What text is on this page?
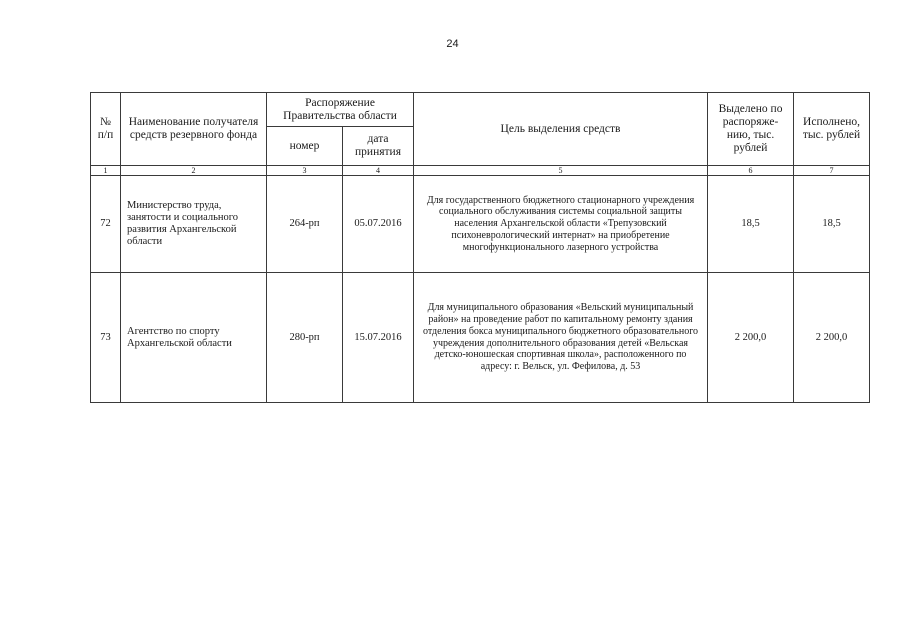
24
№ п/п	Наименование получателя средств резервного фонда	Распоряжение Правительства области		Цель выделения средств	Выделено по распоряже- нию, тыс. рублей	Исполнено, тыс. рублей
		номер	дата принятия			
1	2	3	4	5	6	7
72	Министерство труда, занятости и социального развития Архангельской области	264-рп	05.07.2016	Для государственного бюджетного стационарного учреждения социального обслуживания системы социальной защиты населения Архангельской области «Трепузовский психоневрологический интернат» на приобретение многофункционального лазерного устройства	18,5	18,5
73	Агентство по спорту Архангельской области	280-рп	15.07.2016	Для муниципального образования «Вельский муниципальный район» на проведение работ по капитальному ремонту здания отделения бокса муниципального бюджетного образовательного учреждения дополнительного образования детей «Вельская детско-юношеская спортивная школа», расположенного по адресу: г. Вельск, ул. Фефилова, д. 53	2 200,0	2 200,0
